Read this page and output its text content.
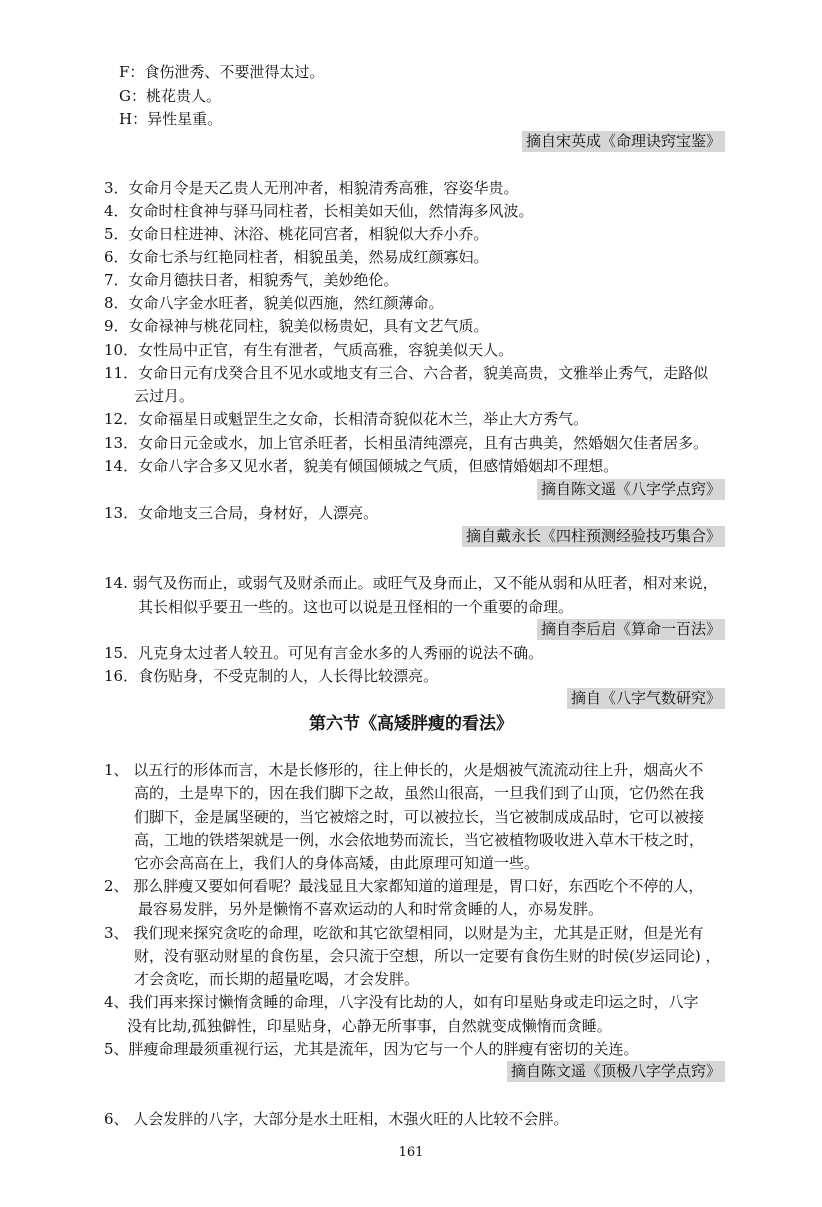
F：食伤泄秀、不要泄得太过。
G：桃花贵人。
H：异性星重。
摘自宋英成《命理诀窍宝鉴》
3．女命月令是天乙贵人无刑冲者，相貌清秀高雅，容姿华贵。
4．女命时柱食神与驿马同柱者，长相美如天仙，然情海多风波。
5．女命日柱进神、沐浴、桃花同宫者，相貌似大乔小乔。
6．女命七杀与红艳同柱者，相貌虽美，然易成红颜寡妇。
7．女命月德扶日者，相貌秀气，美妙绝伦。
8．女命八字金水旺者，貌美似西施，然红颜薄命。
9．女命禄神与桃花同柱，貌美似杨贵妃，具有文艺气质。
10．女性局中正官，有生有泄者，气质高雅，容貌美似天人。
11．女命日元有戊癸合且不见水或地支有三合、六合者，貌美高贵，文雅举止秀气，走路似
云过月。
12．女命福星日或魁罡生之女命，长相清奇貌似花木兰，举止大方秀气。
13．女命日元金或水，加上官杀旺者，长相虽清纯漂亮，且有古典美，然婚姻欠佳者居多。
14．女命八字合多又见水者，貌美有倾国倾城之气质，但感情婚姻却不理想。
摘自陈文遥《八字学点窍》
13．女命地支三合局，身材好，人漂亮。
摘自戴永长《四柱预测经验技巧集合》
14. 弱气及伤而止，或弱气及财杀而止。或旺气及身而止，又不能从弱和从旺者，相对来说，
其长相似乎要丑一些的。这也可以说是丑怪相的一个重要的命理。
摘自李后启《算命一百法》
15．凡克身太过者人较丑。可见有言金水多的人秀丽的说法不确。
16．食伤贴身，不受克制的人，人长得比较漂亮。
摘自《八字气数研究》
第六节《高矮胖瘦的看法》
1、 以五行的形体而言，木是长修形的，往上伸长的，火是烟被气流流动往上升，烟高火不
高的，土是卑下的，因在我们脚下之故，虽然山很高，一旦我们到了山顶，它仍然在我
们脚下，金是属坚硬的，当它被熔之时，可以被拉长，当它被制成成品时，它可以被接
高，工地的铁塔架就是一例，水会依地势而流长，当它被植物吸收进入草木干枝之时，
它亦会高高在上，我们人的身体高矮，由此原理可知道一些。
2、 那么胖瘦又要如何看呢？最浅显且大家都知道的道理是，胃口好，东西吃个不停的人，
最容易发胖，另外是懒惰不喜欢运动的人和时常贪睡的人，亦易发胖。
3、 我们现来探究贪吃的命理，吃欲和其它欲望相同，以财是为主，尤其是正财，但是光有
财，没有驱动财星的食伤星，会只流于空想，所以一定要有食伤生财的时侯(岁运同论) ，
才会贪吃，而长期的超量吃喝，才会发胖。
4、我们再来探讨懒惰贪睡的命理，八字没有比劫的人，如有印星贴身或走印运之时，八字
没有比劫,孤独僻性，印星贴身，心静无所事事，自然就变成懒惰而贪睡。
5、胖瘦命理最须重视行运，尤其是流年，因为它与一个人的胖瘦有密切的关连。
摘自陈文遥《顶极八字学点窍》
6、 人会发胖的八字，大部分是水土旺相，木强火旺的人比较不会胖。
161
